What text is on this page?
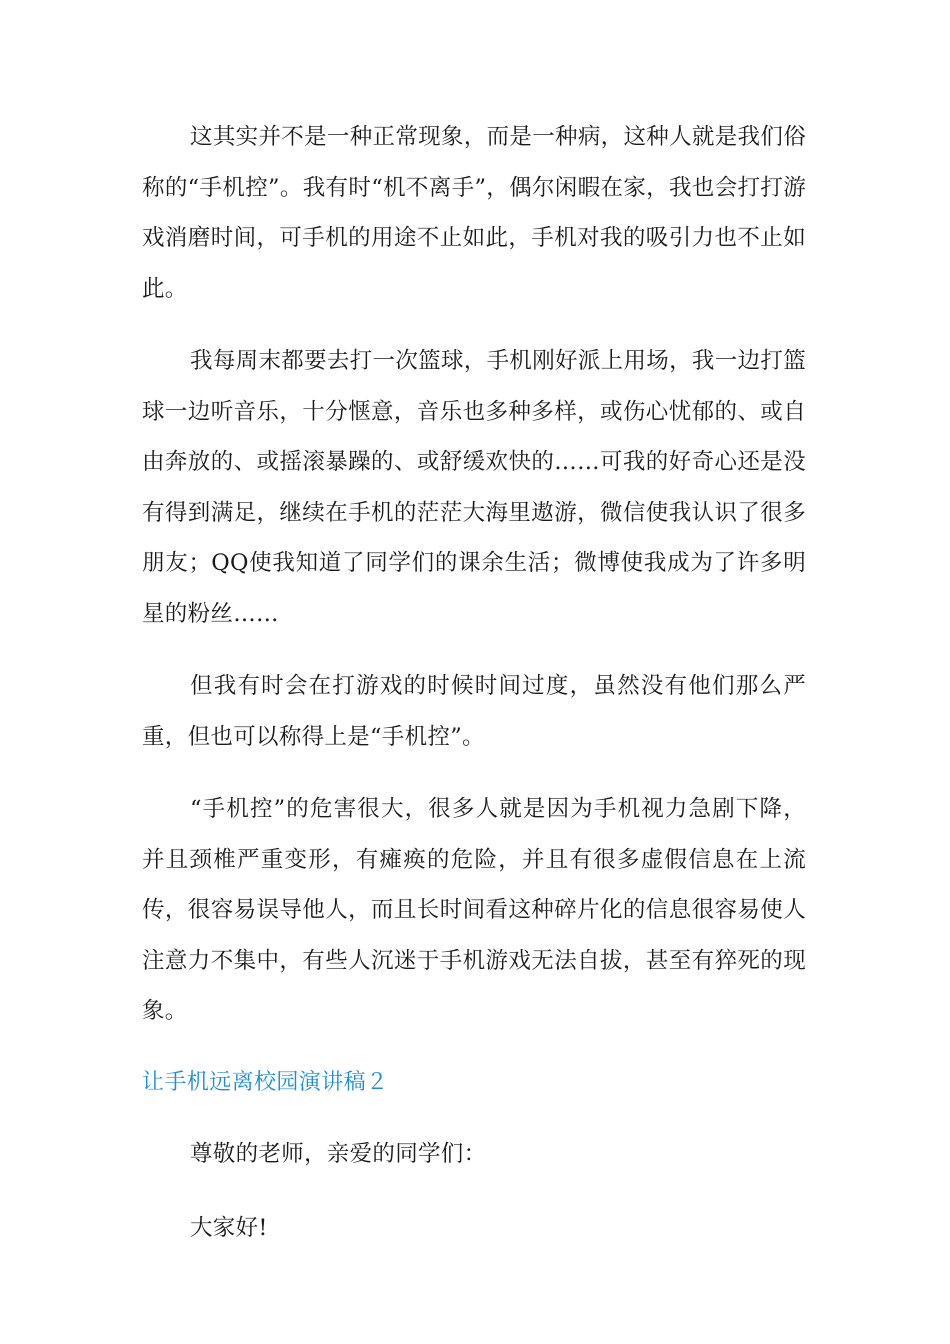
这其实并不是一种正常现象，而是一种病，这种人就是我们俗称的“手机控”。我有时“机不离手”，偶尔闲暇在家，我也会打打游戏消磨时间，可手机的用途不止如此，手机对我的吸引力也不止如此。

我每周末都要去打一次篮球，手机刚好派上用场，我一边打篮球一边听音乐，十分惬意，音乐也多种多样，或伤心忧郁的、或自由奔放的、或摇滚暴躁的、或舒缓欢快的……可我的好奇心还是没有得到满足，继续在手机的茫茫大海里遨游，微信使我认识了很多朋友；QQ使我知道了同学们的课余生活；微博使我成为了许多明星的粉丝……

但我有时会在打游戏的时候时间过度，虽然没有他们那么严重，但也可以称得上是“手机控”。

“手机控”的危害很大，很多人就是因为手机视力急剧下降，并且颈椎严重变形，有瘫痪的危险，并且有很多虚假信息在上流传，很容易误导他人，而且长时间看这种碎片化的信息很容易使人注意力不集中，有些人沉迷于手机游戏无法自拔，甚至有猝死的现象。

让手机远离校园演讲稿２

尊敬的老师，亲爱的同学们：

大家好!
